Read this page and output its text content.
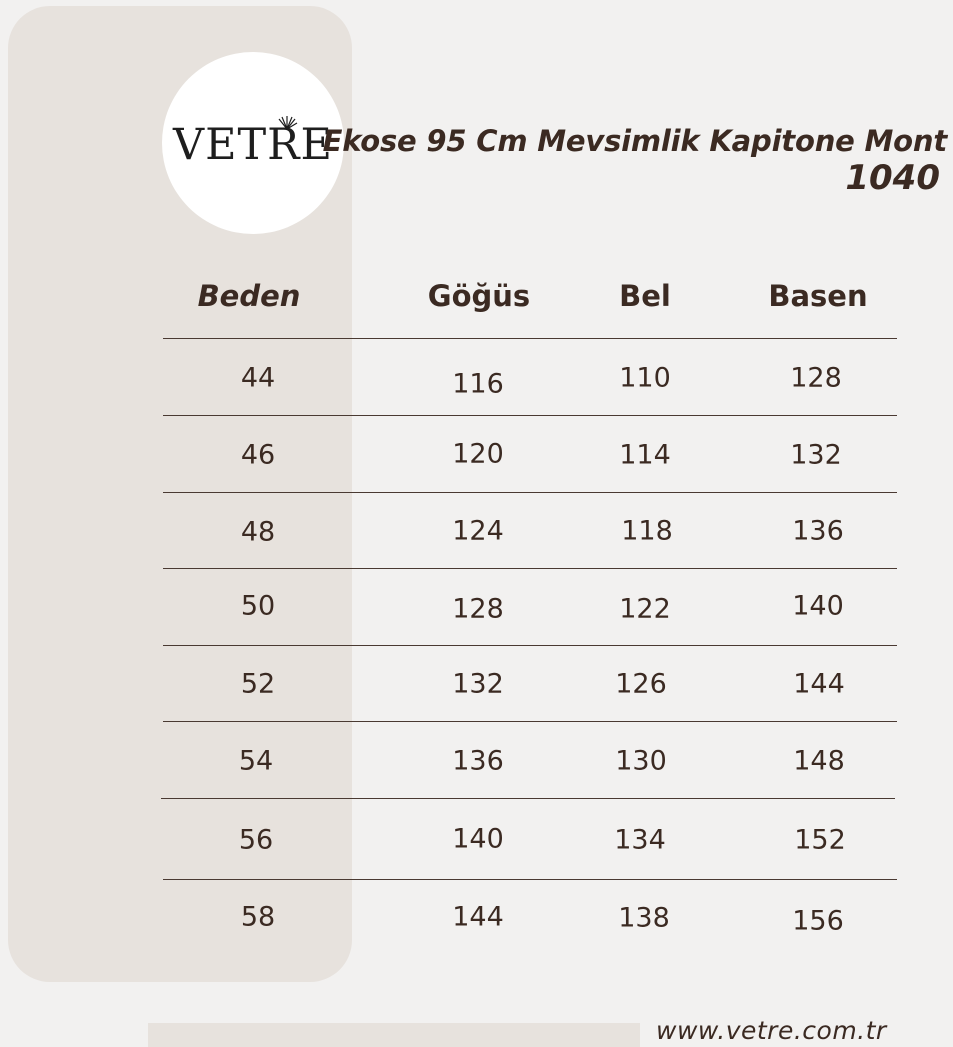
VETRE
Ekose 95 Cm Mevsimlik Kapitone Mont
1040
Beden	Göğüs	Bel	Basen
44	116	110	128
46	120	114	132
48	124	118	136
50	128	122	140
52	132	126	144
54	136	130	148
56	140	134	152
58	144	138	156
www.vetre.com.tr
